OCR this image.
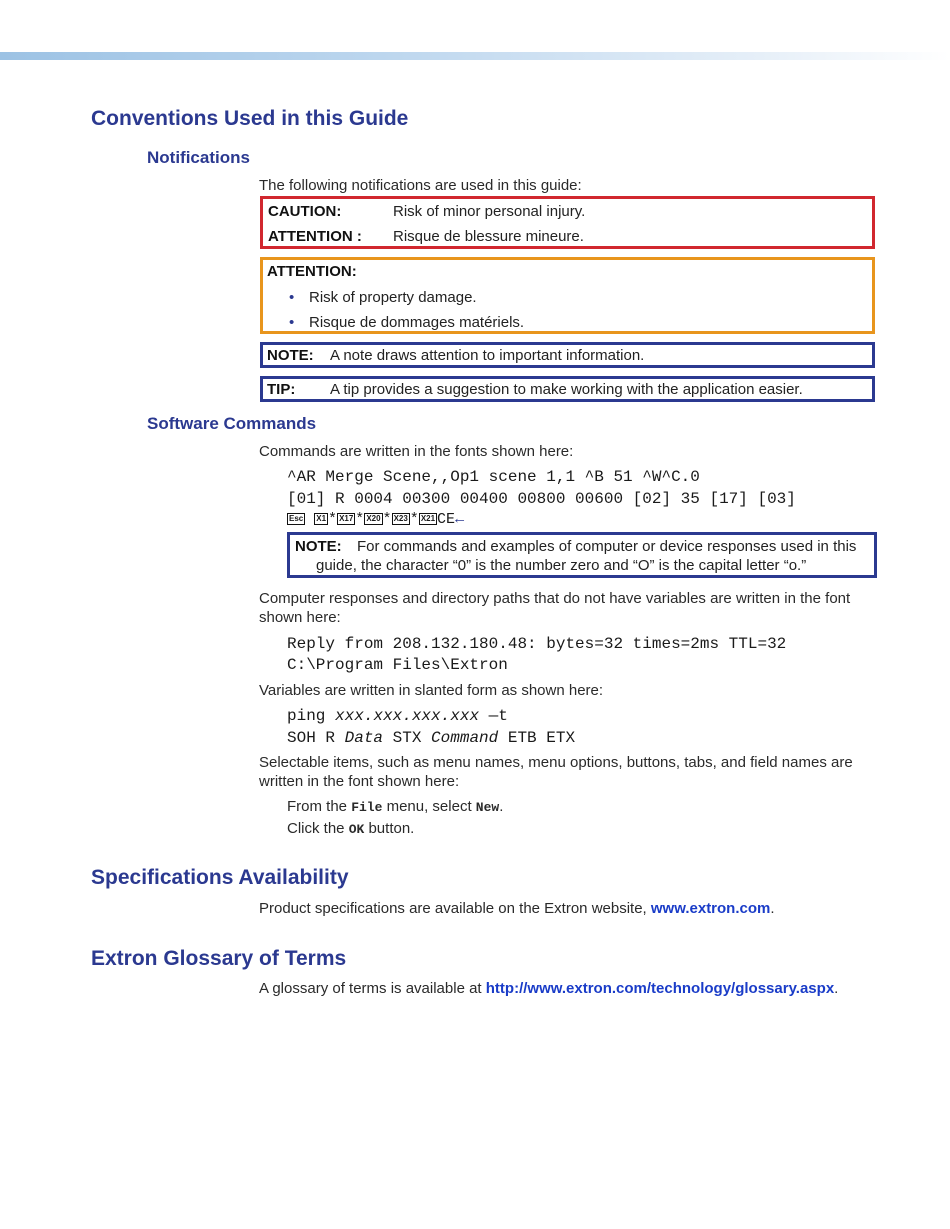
Conventions Used in this Guide
Notifications
The following notifications are used in this guide:
CAUTION:	Risk of minor personal injury.
ATTENTION : Risque de blessure mineure.
ATTENTION:
• Risk of property damage.
• Risque de dommages matériels.
NOTE: A note draws attention to important information.
TIP: A tip provides a suggestion to make working with the application easier.
Software Commands
Commands are written in the fonts shown here:
^AR Merge Scene,,Op1 scene 1,1 ^B 51 ^W^C.0
[01] R 0004 00300 00400 00800 00600 [02] 35 [17] [03]
Esc X1 * X17 * X20 * X23 * X21 CE←
NOTE: For commands and examples of computer or device responses used in this
guide, the character “0” is the number zero and “O” is the capital letter “o.”
Computer responses and directory paths that do not have variables are written in the font
shown here:
Reply from 208.132.180.48: bytes=32 times=2ms TTL=32
C:\Program Files\Extron
Variables are written in slanted form as shown here:
ping xxx.xxx.xxx.xxx —t
SOH R Data STX Command ETB ETX
Selectable items, such as menu names, menu options, buttons, tabs, and field names are
written in the font shown here:
From the File menu, select New.
Click the OK button.
Specifications Availability
Product specifications are available on the Extron website, www.extron.com.
Extron Glossary of Terms
A glossary of terms is available at http://www.extron.com/technology/glossary.aspx.
